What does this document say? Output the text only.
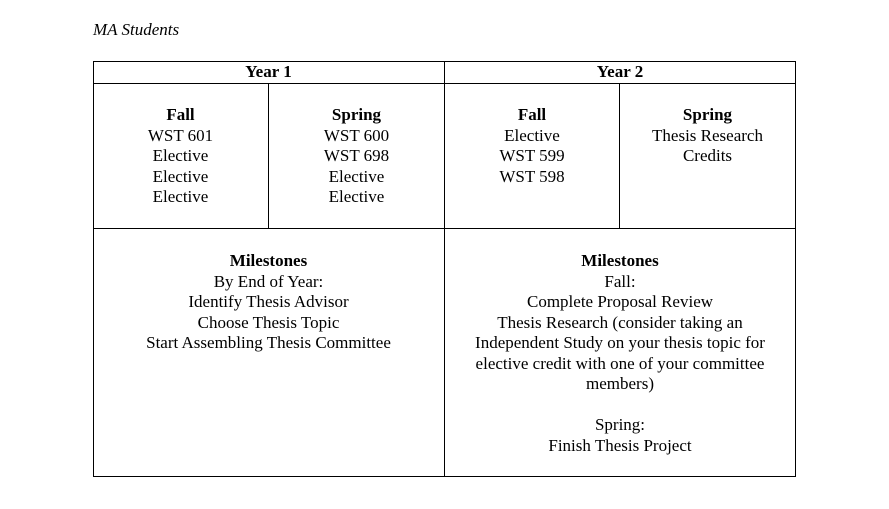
MA Students
Year 1	Year 2
Fall
WST 601
Elective
Elective
Elective
Spring
WST 600
WST 698
Elective
Elective
Fall
Elective
WST 599
WST 598
Spring
Thesis Research
Credits
Milestones
By End of Year:
Identify Thesis Advisor
Choose Thesis Topic
Start Assembling Thesis Committee
Milestones
Fall:
Complete Proposal Review
Thesis Research (consider taking an
Independent Study on your thesis topic for
elective credit with one of your committee
members)
Spring:
Finish Thesis Project
